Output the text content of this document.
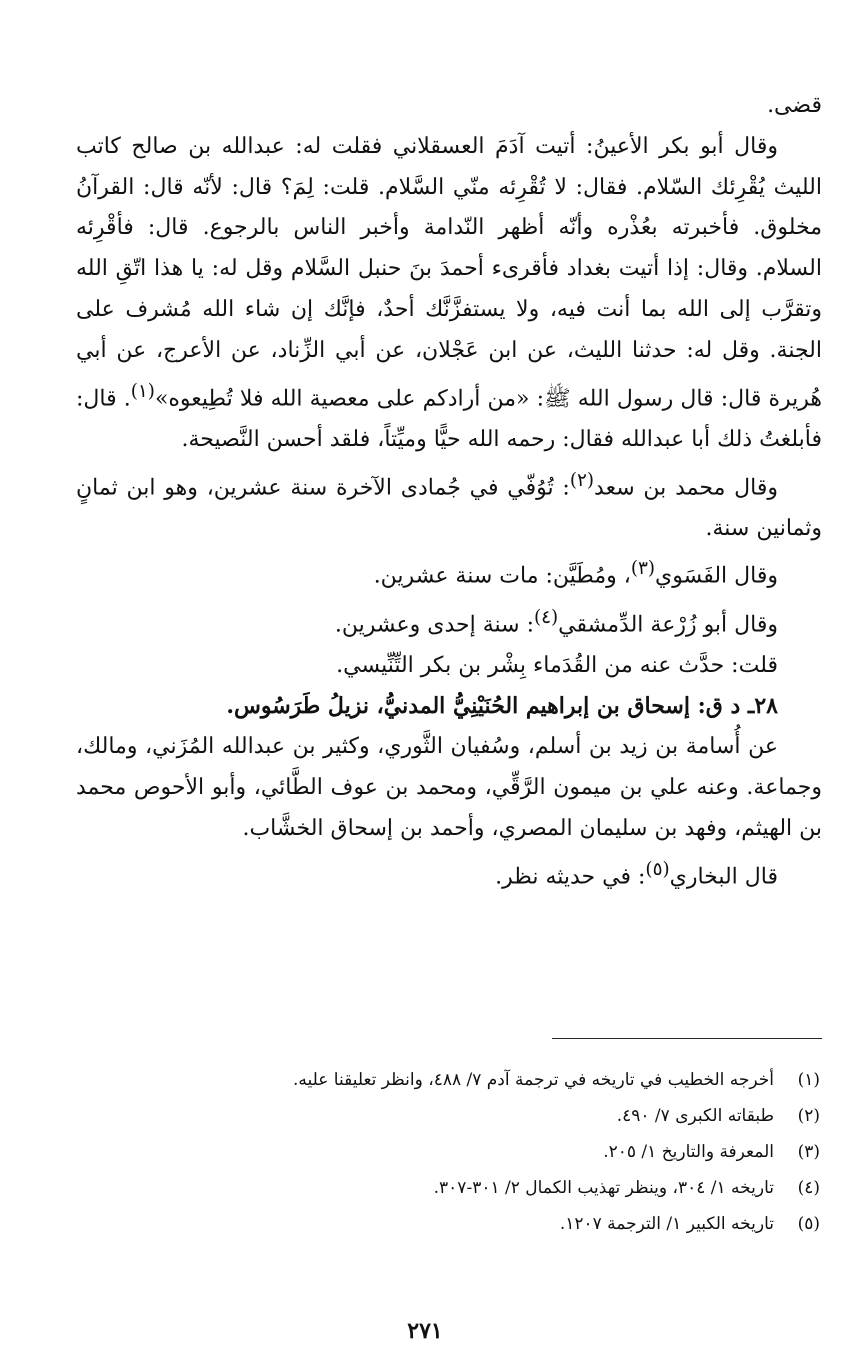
قضى.

وقال أبو بكر الأعينُ: أتيت آدَمَ العسقلاني فقلت له: عبدالله بن صالح كاتب الليث يُقْرِئك السّلام. فقال: لا تُقْرِئه منّي السَّلام. قلت: لِمَ؟ قال: لأنّه قال: القرآنُ مخلوق. فأخبرته بعُذْره وأنّه أظهر النّدامة وأخبر الناس بالرجوع. قال: فأقْرِئه السلام. وقال: إذا أتيت بغداد فأقرىء أحمدَ بنَ حنبل السَّلام وقل له: يا هذا اتّقِ الله وتقرَّب إلى الله بما أنت فيه، ولا يستفزَّنَّك أحدٌ، فإنَّك إن شاء الله مُشرف على الجنة. وقل له: حدثنا الليث، عن ابن عَجْلان، عن أبي الزِّناد، عن الأعرج، عن أبي هُريرة قال: قال رسول الله ﷺ: «من أرادكم على معصية الله فلا تُطِيعوه»$^{(١)}$. قال: فأبلغتُ ذلك أبا عبدالله فقال: رحمه الله حيًّا وميِّتاً، فلقد أحسن النَّصيحة.

وقال محمد بن سعد$^{(٢)}$: تُوُفّي في جُمادى الآخرة سنة عشرين، وهو ابن ثمانٍ وثمانين سنة.

وقال الفَسَوي$^{(٣)}$، ومُطَيَّن: مات سنة عشرين.

وقال أبو زُرْعة الدِّمشقي$^{(٤)}$: سنة إحدى وعشرين.

قلت: حدَّث عنه من القُدَماء بِشْر بن بكر التِّنِّيسي.

٢٨ـ د ق: إسحاق بن إبراهيم الحُنَيْنِيُّ المدنيُّ، نزيلُ طَرَسُوس.

عن أُسامة بن زيد بن أسلم، وسُفيان الثَّوري، وكثير بن عبدالله المُزَني، ومالك، وجماعة. وعنه علي بن ميمون الرَّقِّي، ومحمد بن عوف الطَّائي، وأبو الأحوص محمد بن الهيثم، وفهد بن سليمان المصري، وأحمد بن إسحاق الخشَّاب.

قال البخاري$^{(٥)}$: في حديثه نظر.

(١)
أخرجه الخطيب في تاريخه في ترجمة آدم ٧/ ٤٨٨، وانظر تعليقنا عليه.
(٢)
طبقاته الكبرى ٧/ ٤٩٠.
(٣)
المعرفة والتاريخ ١/ ٢٠٥.
(٤)
تاريخه ١/ ٣٠٤، وينظر تهذيب الكمال ٢/ ٣٠١-٣٠٧.
(٥)
تاريخه الكبير ١/ الترجمة ١٢٠٧.
٢٧١
